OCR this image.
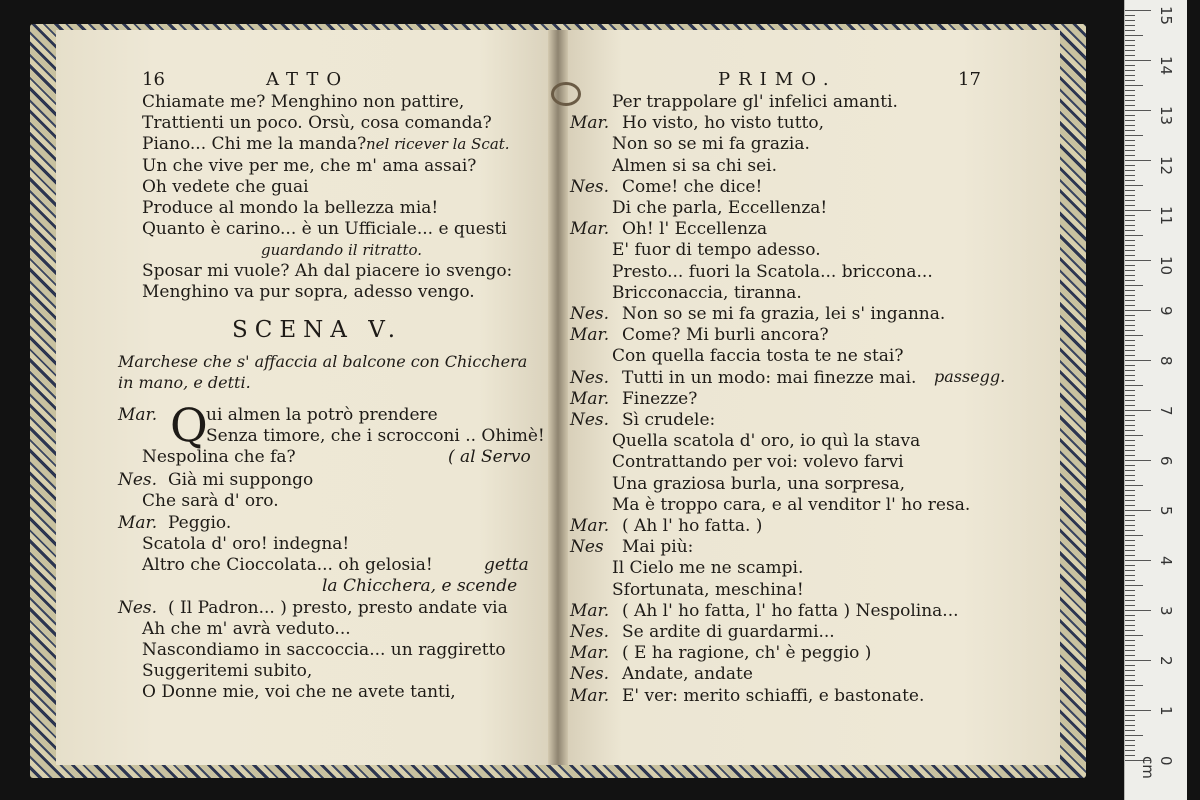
16	ATTO
Chiamate me? Menghino non pattire,
Trattienti un poco. Orsù, cosa comanda?
Piano... Chi me la manda? nel ricever la Scat.
Un che vive per me, che m' ama assai?
Oh vedete che guai
Produce al mondo la bellezza mia!
Quanto è carino... è un Ufficiale... e questi
guardando il ritratto.
Sposar mi vuole? Ah dal piacere io svengo:
Menghino va pur sopra, adesso vengo.
SCENA V.
Marchese che s' affaccia al balcone con Chicchera
in mano, e detti.
Mar. Q
ui almen la potrò prendere
Senza timore, che i scrocconi .. Ohimè!
Nespolina che fa?	( al Servo
Nes. Già mi suppongo
Che sarà d' oro.
Mar. Peggio.
Scatola d' oro! indegna!
Altro che Cioccolata... oh gelosia!	getta
la Chicchera, e scende
Nes. ( Il Padron... ) presto, presto andate via
Ah che m' avrà veduto...
Nascondiamo in saccoccia... un raggiretto
Suggeritemi subito,
O Donne mie, voi che ne avete tanti,
PRIMO.	17
Per trappolare gl' infelici amanti.
Mar. Ho visto, ho visto tutto,
Non so se mi fa grazia.
Almen si sa chi sei.
Nes. Come! che dice!
Di che parla, Eccellenza!
Mar. Oh! l' Eccellenza
E' fuor di tempo adesso.
Presto... fuori la Scatola... briccona...
Bricconaccia, tiranna.
Nes. Non so se mi fa grazia, lei s' inganna.
Mar. Come? Mi burli ancora?
Con quella faccia tosta te ne stai?
Nes. Tutti in un modo: mai finezze mai.
Mar. Finezze?
Nes. Sì crudele:
Quella scatola d' oro, io quì la stava
Contrattando per voi: volevo farvi
Una graziosa burla, una sorpresa,
Ma è troppo cara, e al venditor l' ho resa.
Mar. ( Ah l' ho fatta. )
Nes Mai più:
Il Cielo me ne scampi.
Sfortunata, meschina!
Mar. ( Ah l' ho fatta, l' ho fatta ) Nespolina...
Nes. Se ardite di guardarmi...
Mar. ( E ha ragione, ch' è peggio )
Nes. Andate, andate
Mar. E' ver: merito schiaffi, e bastonate.
passegg.
15
14
13
12
11
10
9
8
7
6
5
4
3
2
1
0 cm
